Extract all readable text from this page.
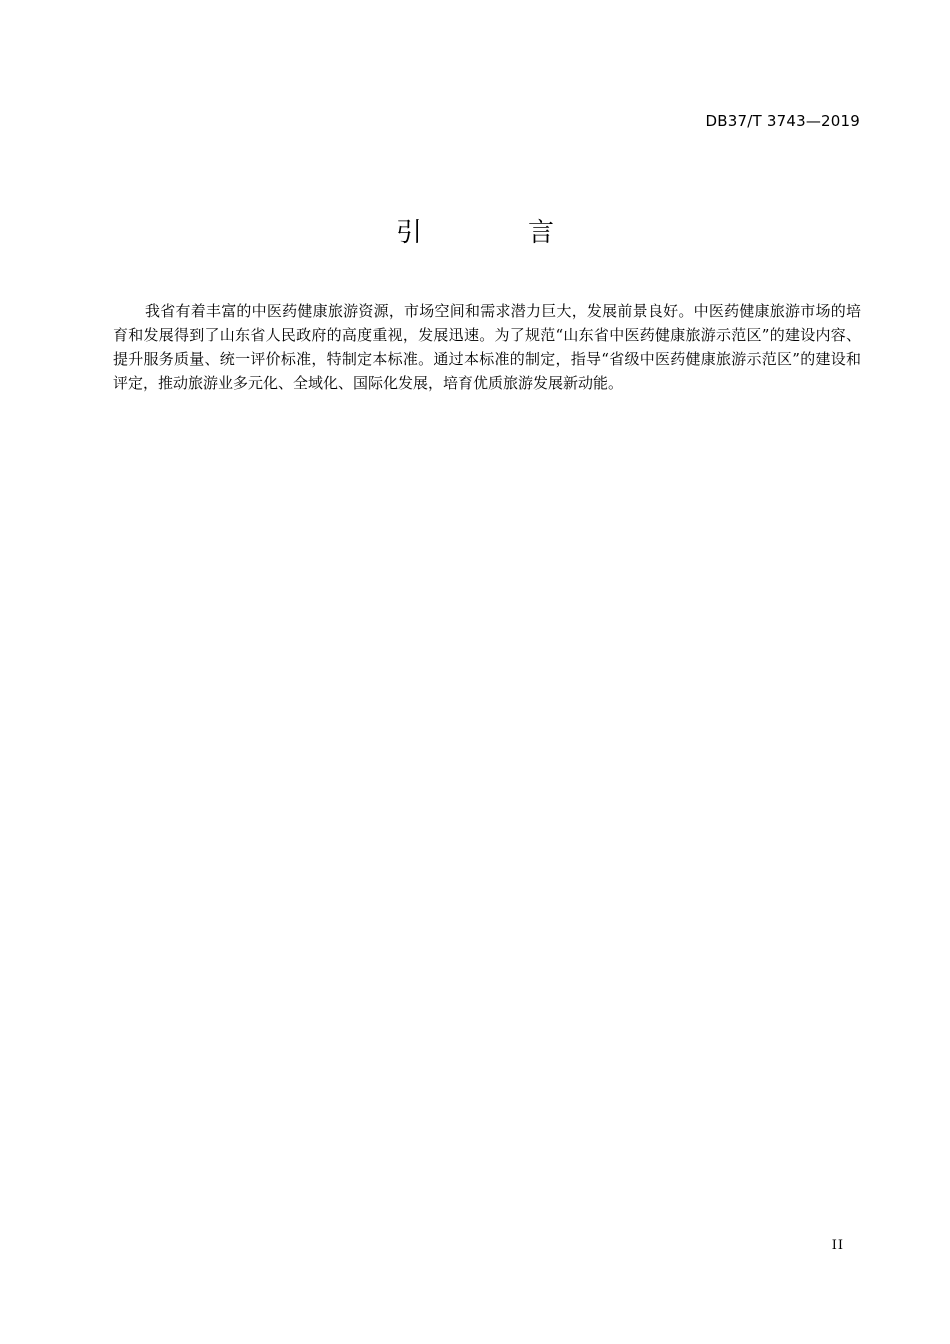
DB37/T 3743—2019
引　言

我省有着丰富的中医药健康旅游资源，市场空间和需求潜力巨大，发展前景良好。中医药健康旅游市场的培育和发展得到了山东省人民政府的高度重视，发展迅速。为了规范“山东省中医药健康旅游示范区”的建设内容、提升服务质量、统一评价标准，特制定本标准。通过本标准的制定，指导“省级中医药健康旅游示范区”的建设和评定，推动旅游业多元化、全域化、国际化发展，培育优质旅游发展新动能。

II
